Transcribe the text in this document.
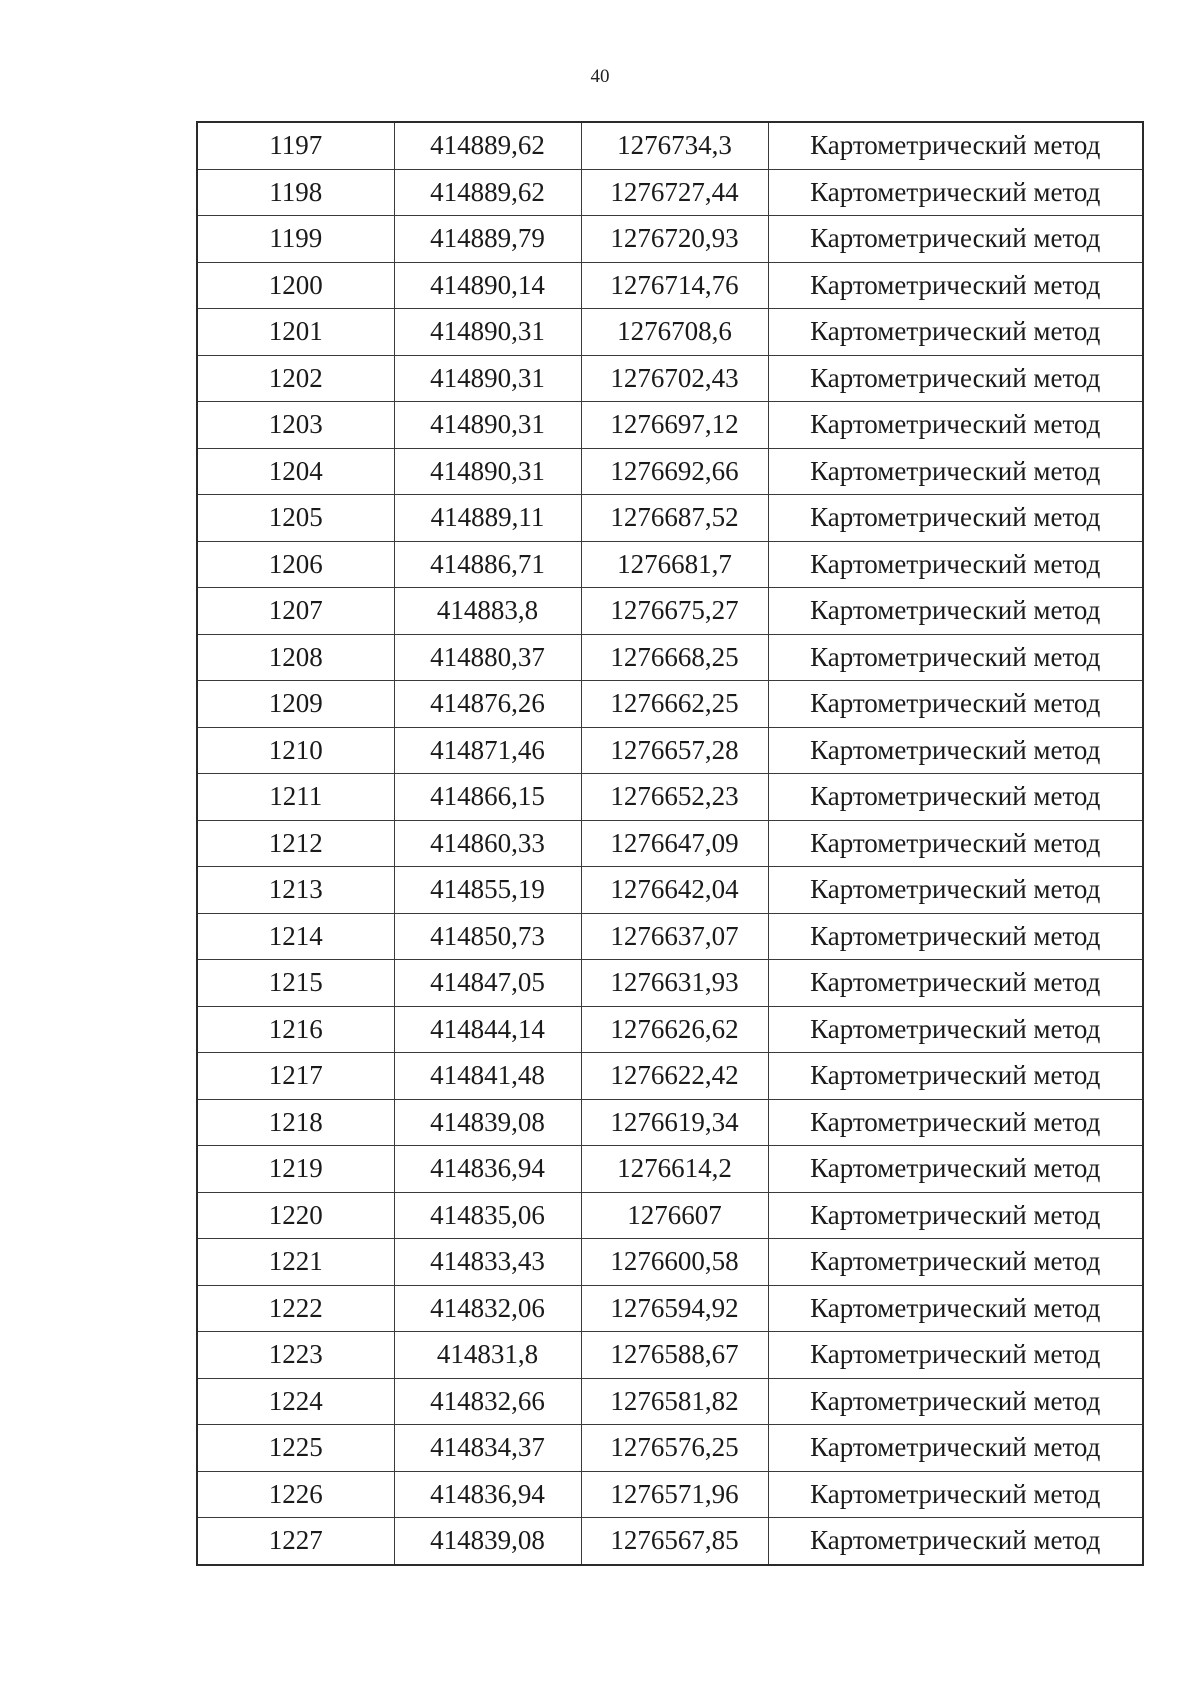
40
1197	414889,62	1276734,3	Картометрический метод
1198	414889,62	1276727,44	Картометрический метод
1199	414889,79	1276720,93	Картометрический метод
1200	414890,14	1276714,76	Картометрический метод
1201	414890,31	1276708,6	Картометрический метод
1202	414890,31	1276702,43	Картометрический метод
1203	414890,31	1276697,12	Картометрический метод
1204	414890,31	1276692,66	Картометрический метод
1205	414889,11	1276687,52	Картометрический метод
1206	414886,71	1276681,7	Картометрический метод
1207	414883,8	1276675,27	Картометрический метод
1208	414880,37	1276668,25	Картометрический метод
1209	414876,26	1276662,25	Картометрический метод
1210	414871,46	1276657,28	Картометрический метод
1211	414866,15	1276652,23	Картометрический метод
1212	414860,33	1276647,09	Картометрический метод
1213	414855,19	1276642,04	Картометрический метод
1214	414850,73	1276637,07	Картометрический метод
1215	414847,05	1276631,93	Картометрический метод
1216	414844,14	1276626,62	Картометрический метод
1217	414841,48	1276622,42	Картометрический метод
1218	414839,08	1276619,34	Картометрический метод
1219	414836,94	1276614,2	Картометрический метод
1220	414835,06	1276607	Картометрический метод
1221	414833,43	1276600,58	Картометрический метод
1222	414832,06	1276594,92	Картометрический метод
1223	414831,8	1276588,67	Картометрический метод
1224	414832,66	1276581,82	Картометрический метод
1225	414834,37	1276576,25	Картометрический метод
1226	414836,94	1276571,96	Картометрический метод
1227	414839,08	1276567,85	Картометрический метод
